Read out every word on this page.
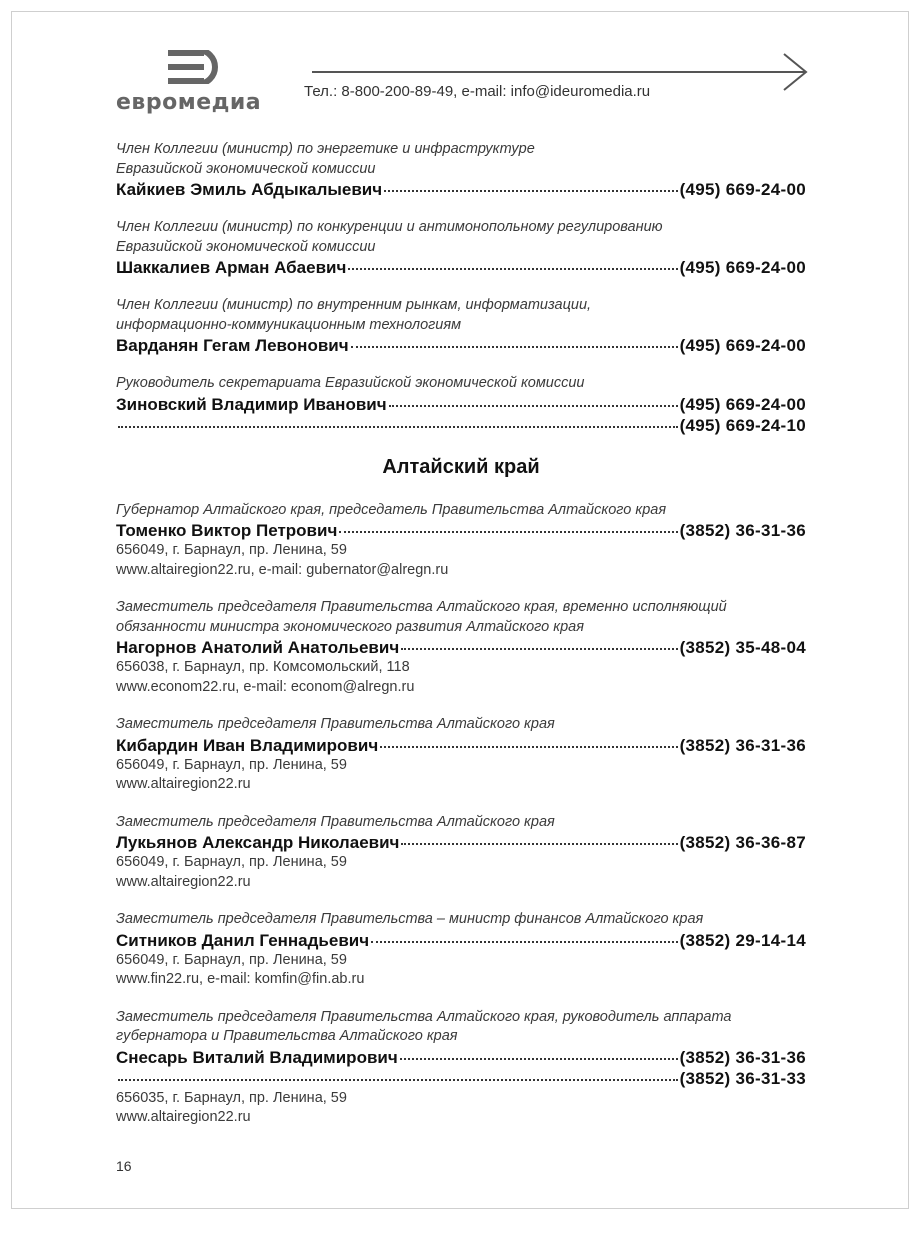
евромедиа	Тел.: 8-800-200-89-49, e-mail: info@ideuromedia.ru
Член Коллегии (министр) по энергетике и инфраструктуре
Евразийской экономической комиссии
Кайкиев Эмиль Абдыкалыевич	(495) 669-24-00
Член Коллегии (министр) по конкуренции и антимонопольному регулированию
Евразийской экономической комиссии
Шаккалиев Арман Абаевич	(495) 669-24-00
Член Коллегии (министр) по внутренним рынкам, информатизации,
информационно-коммуникационным технологиям
Варданян Гегам Левонович	(495) 669-24-00
Руководитель секретариата Евразийской экономической комиссии
Зиновский Владимир Иванович	(495) 669-24-00
(495) 669-24-10
Алтайский край
Губернатор Алтайского края, председатель Правительства Алтайского края
Томенко Виктор Петрович	(3852) 36-31-36
656049, г. Барнаул, пр. Ленина, 59
www.altairegion22.ru, e-mail: gubernator@alregn.ru
Заместитель председателя Правительства Алтайского края, временно исполняющий
обязанности министра экономического развития Алтайского края
Нагорнов Анатолий Анатольевич	(3852) 35-48-04
656038, г. Барнаул, пр. Комсомольский, 118
www.econom22.ru, e-mail: econom@alregn.ru
Заместитель председателя Правительства Алтайского края
Кибардин Иван Владимирович	(3852) 36-31-36
656049, г. Барнаул, пр. Ленина, 59
www.altairegion22.ru
Заместитель председателя Правительства Алтайского края
Лукьянов Александр Николаевич	(3852) 36-36-87
656049, г. Барнаул, пр. Ленина, 59
www.altairegion22.ru
Заместитель председателя Правительства – министр финансов Алтайского края
Ситников Данил Геннадьевич	(3852) 29-14-14
656049, г. Барнаул, пр. Ленина, 59
www.fin22.ru, e-mail: komfin@fin.ab.ru
Заместитель председателя Правительства Алтайского края, руководитель аппарата
губернатора и Правительства Алтайского края
Снесарь Виталий Владимирович	(3852) 36-31-36
(3852) 36-31-33
656035, г. Барнаул, пр. Ленина, 59
www.altairegion22.ru
16
